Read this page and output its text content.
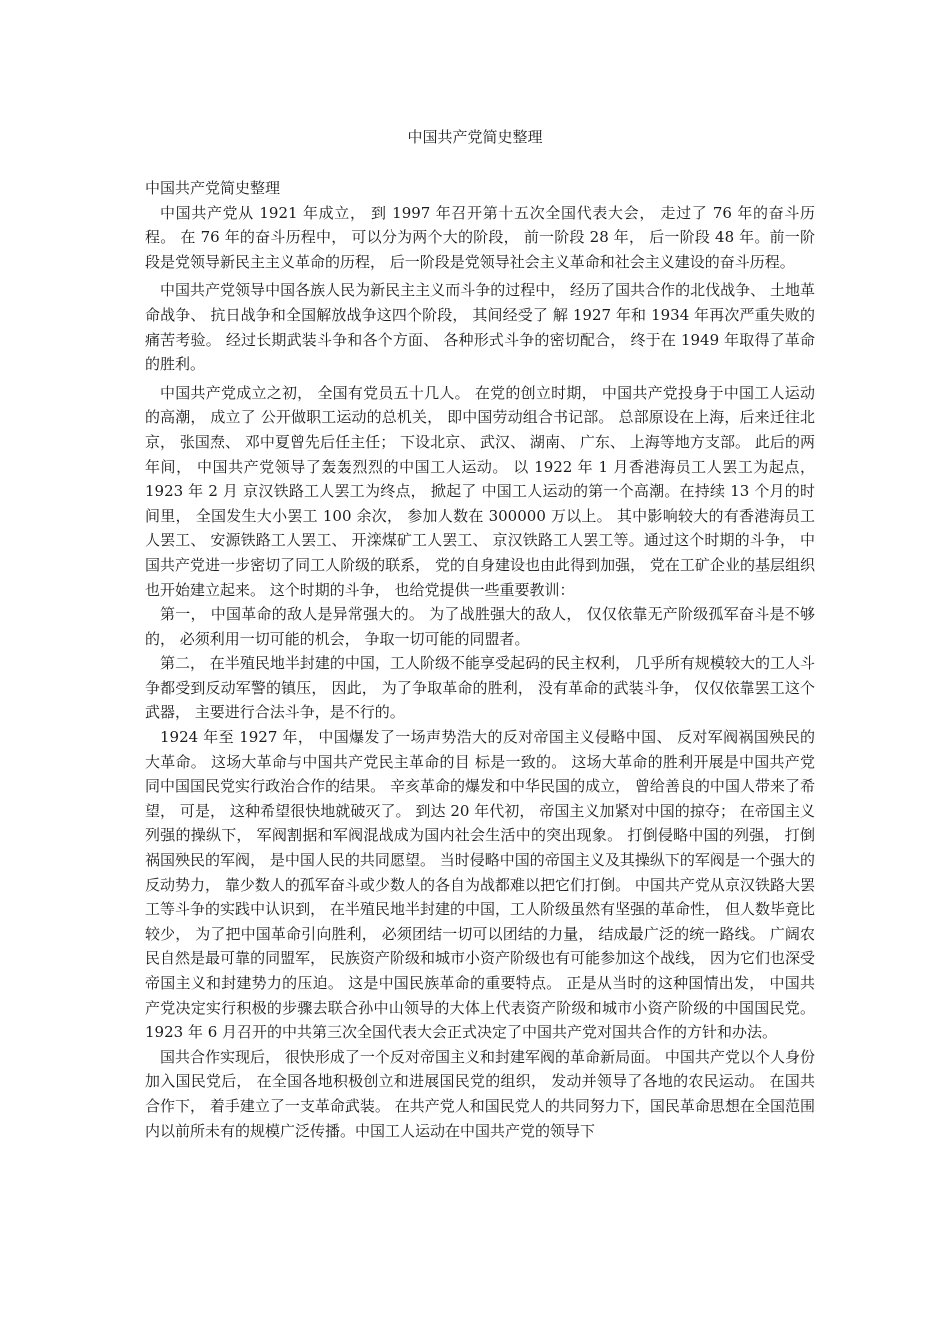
中国共产党简史整理

中国共产党简史整理

中国共产党从 1921 年成立， 到 1997 年召开第十五次全国代表大会， 走过了 76 年的奋斗历程。 在 76 年的奋斗历程中， 可以分为两个大的阶段， 前一阶段 28 年， 后一阶段 48 年。前一阶段是党领导新民主主义革命的历程， 后一阶段是党领导社会主义革命和社会主义建设的奋斗历程。

中国共产党领导中国各族人民为新民主主义而斗争的过程中， 经历了国共合作的北伐战争、 土地革命战争、 抗日战争和全国解放战争这四个阶段， 其间经受了 解 1927 年和 1934 年再次严重失败的痛苦考验。 经过长期武装斗争和各个方面、 各种形式斗争的密切配合， 终于在 1949 年取得了革命的胜利。

中国共产党成立之初， 全国有党员五十几人。 在党的创立时期， 中国共产党投身于中国工人运动的高潮， 成立了 公开做职工运动的总机关， 即中国劳动组合书记部。 总部原设在上海，后来迁往北京， 张国焘、 邓中夏曾先后任主任； 下设北京、 武汉、 湖南、 广东、 上海等地方支部。 此后的两年间， 中国共产党领导了轰轰烈烈的中国工人运动。 以 1922 年 1 月香港海员工人罢工为起点， 1923 年 2 月 京汉铁路工人罢工为终点， 掀起了 中国工人运动的第一个高潮。在持续 13 个月的时间里， 全国发生大小罢工 100 余次， 参加人数在 300000 万以上。 其中影响较大的有香港海员工人罢工、 安源铁路工人罢工、 开滦煤矿工人罢工、 京汉铁路工人罢工等。通过这个时期的斗争， 中国共产党进一步密切了同工人阶级的联系， 党的自身建设也由此得到加强， 党在工矿企业的基层组织也开始建立起来。 这个时期的斗争， 也给党提供一些重要教训：

第一， 中国革命的敌人是异常强大的。 为了战胜强大的敌人， 仅仅依靠无产阶级孤军奋斗是不够的， 必须利用一切可能的机会， 争取一切可能的同盟者。

第二， 在半殖民地半封建的中国，工人阶级不能享受起码的民主权利， 几乎所有规模较大的工人斗争都受到反动军警的镇压， 因此， 为了争取革命的胜利， 没有革命的武装斗争， 仅仅依靠罢工这个武器， 主要进行合法斗争，是不行的。

1924 年至 1927 年， 中国爆发了一场声势浩大的反对帝国主义侵略中国、 反对军阀祸国殃民的大革命。 这场大革命与中国共产党民主革命的目 标是一致的。 这场大革命的胜利开展是中国共产党同中国国民党实行政治合作的结果。 辛亥革命的爆发和中华民国的成立， 曾给善良的中国人带来了希望， 可是， 这种希望很快地就破灭了。 到达 20 年代初， 帝国主义加紧对中国的掠夺； 在帝国主义列强的操纵下， 军阀割据和军阀混战成为国内社会生活中的突出现象。 打倒侵略中国的列强， 打倒祸国殃民的军阀， 是中国人民的共同愿望。 当时侵略中国的帝国主义及其操纵下的军阀是一个强大的反动势力， 靠少数人的孤军奋斗或少数人的各自为战都难以把它们打倒。 中国共产党从京汉铁路大罢工等斗争的实践中认识到， 在半殖民地半封建的中国，工人阶级虽然有坚强的革命性， 但人数毕竟比较少， 为了把中国革命引向胜利， 必须团结一切可以团结的力量， 结成最广泛的统一路线。 广阔农民自然是最可靠的同盟军， 民族资产阶级和城市小资产阶级也有可能参加这个战线， 因为它们也深受帝国主义和封建势力的压迫。 这是中国民族革命的重要特点。 正是从当时的这种国情出发， 中国共产党决定实行积极的步骤去联合孙中山领导的大体上代表资产阶级和城市小资产阶级的中国国民党。 1923 年 6 月召开的中共第三次全国代表大会正式决定了中国共产党对国共合作的方针和办法。

国共合作实现后， 很快形成了一个反对帝国主义和封建军阀的革命新局面。 中国共产党以个人身份加入国民党后， 在全国各地积极创立和进展国民党的组织， 发动并领导了各地的农民运动。 在国共合作下， 着手建立了一支革命武装。 在共产党人和国民党人的共同努力下，国民革命思想在全国范围内以前所未有的规模广泛传播。中国工人运动在中国共产党的领导下
